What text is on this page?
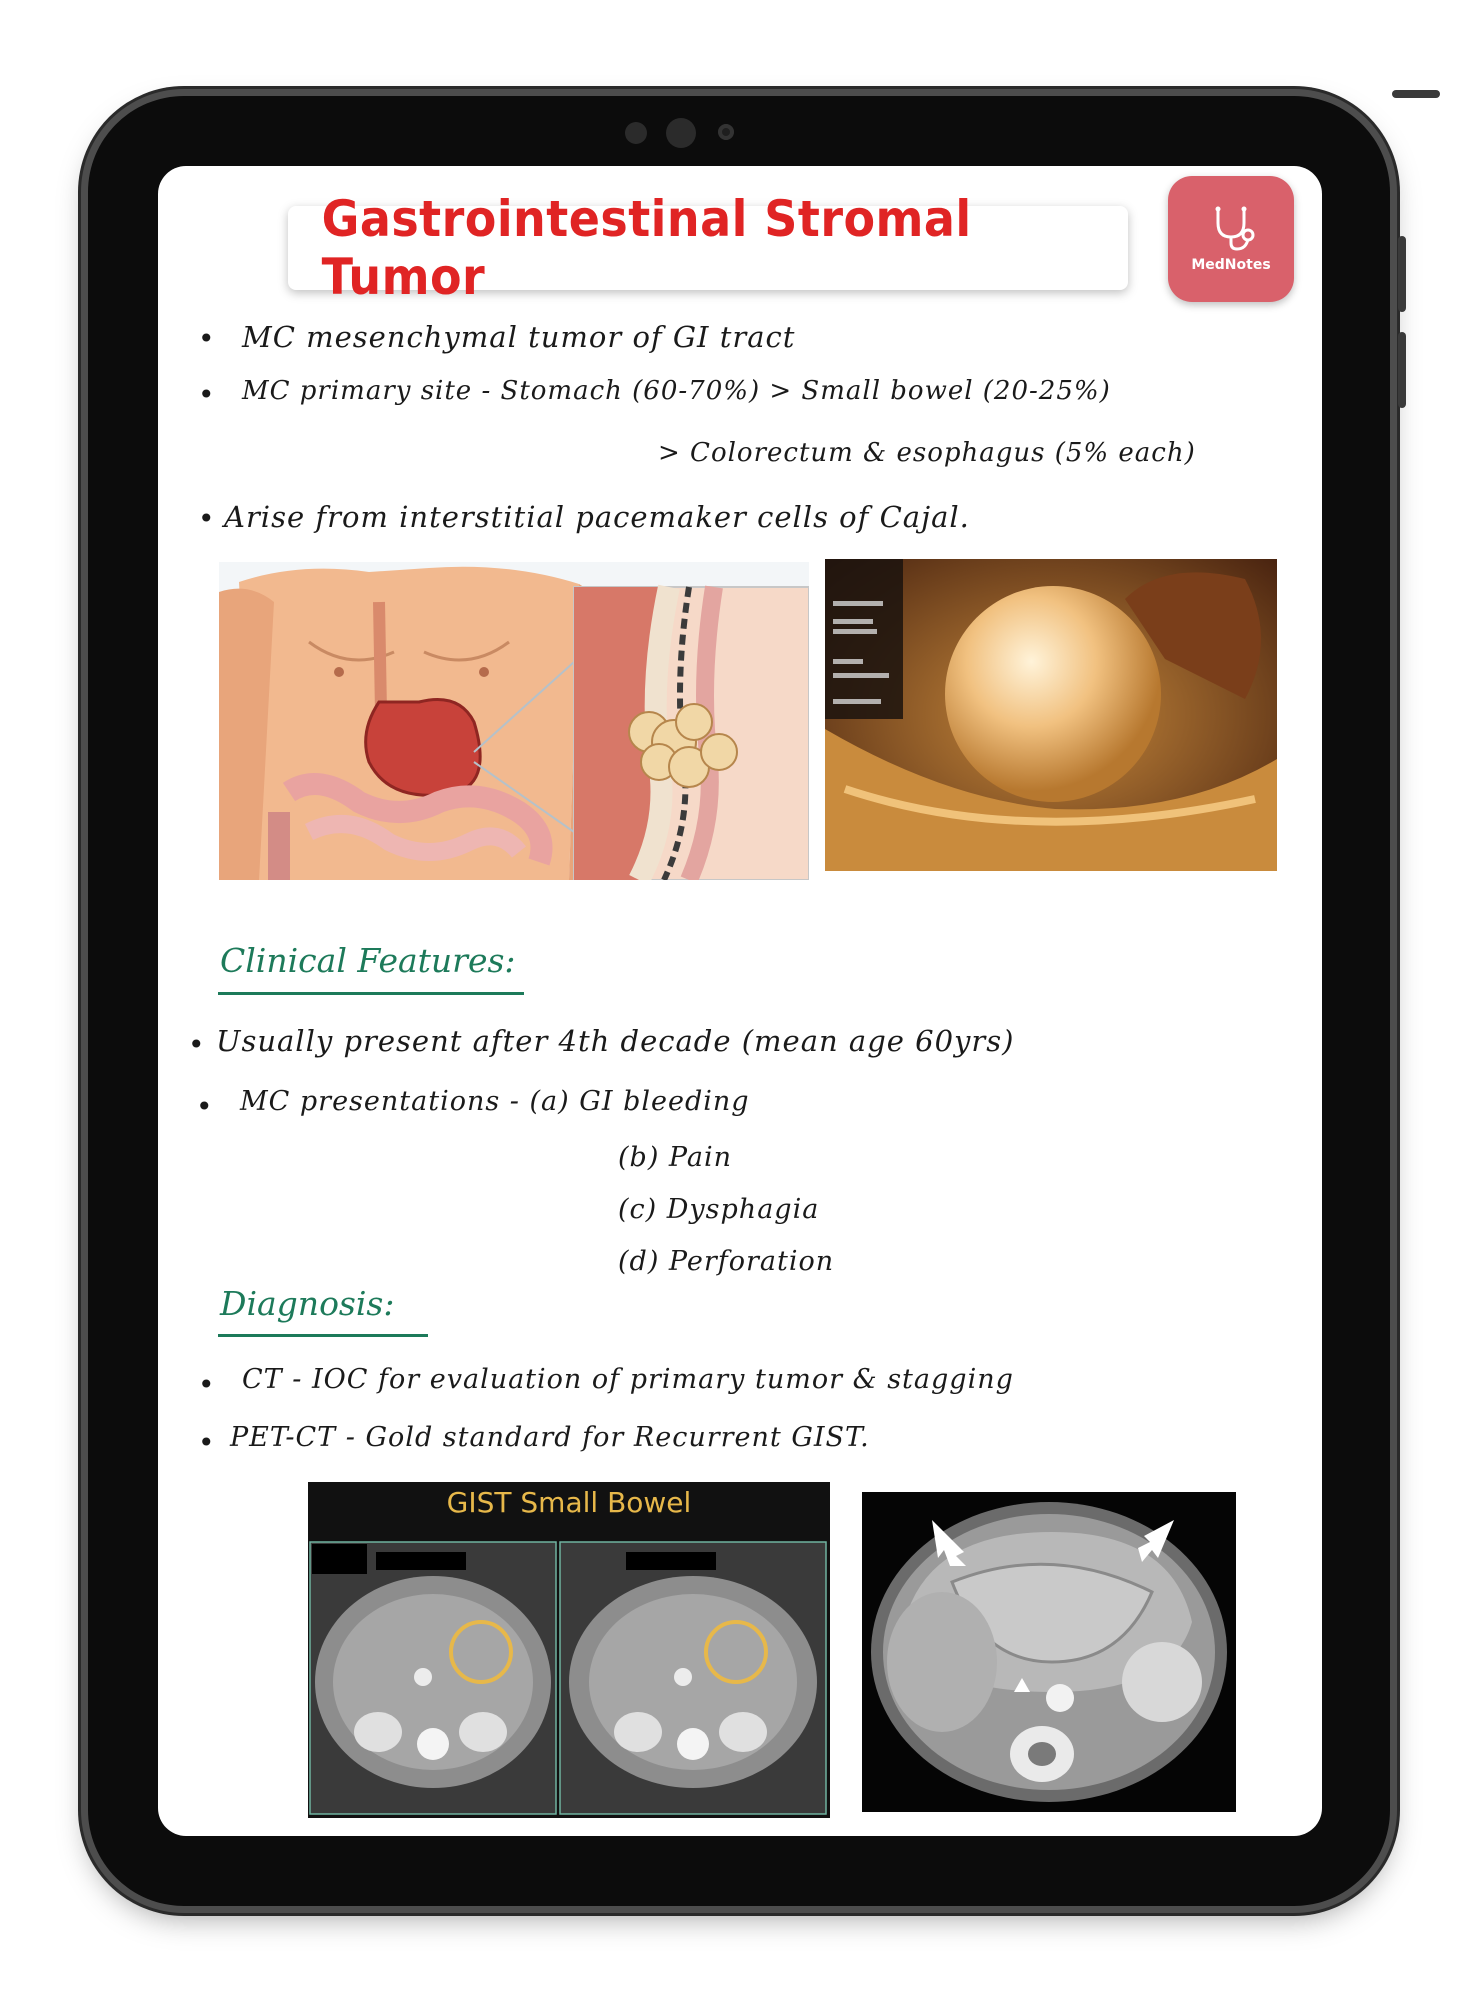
Gastrointestinal Stromal Tumor	MedNotes
• MC mesenchymal tumor of GI tract
• MC primary site - Stomach (60-70%) > Small bowel (20-25%)
> Colorectum & esophagus (5% each)
• Arise from interstitial pacemaker cells of Cajal.
Clinical Features:
• Usually present after 4th decade (mean age 60yrs)
• MC presentations - (a) GI bleeding
(b) Pain
(c) Dysphagia
(d) Perforation
Diagnosis:
• CT - IOC for evaluation of primary tumor & stagging
• PET-CT - Gold standard for Recurrent GIST.
GIST Small Bowel
